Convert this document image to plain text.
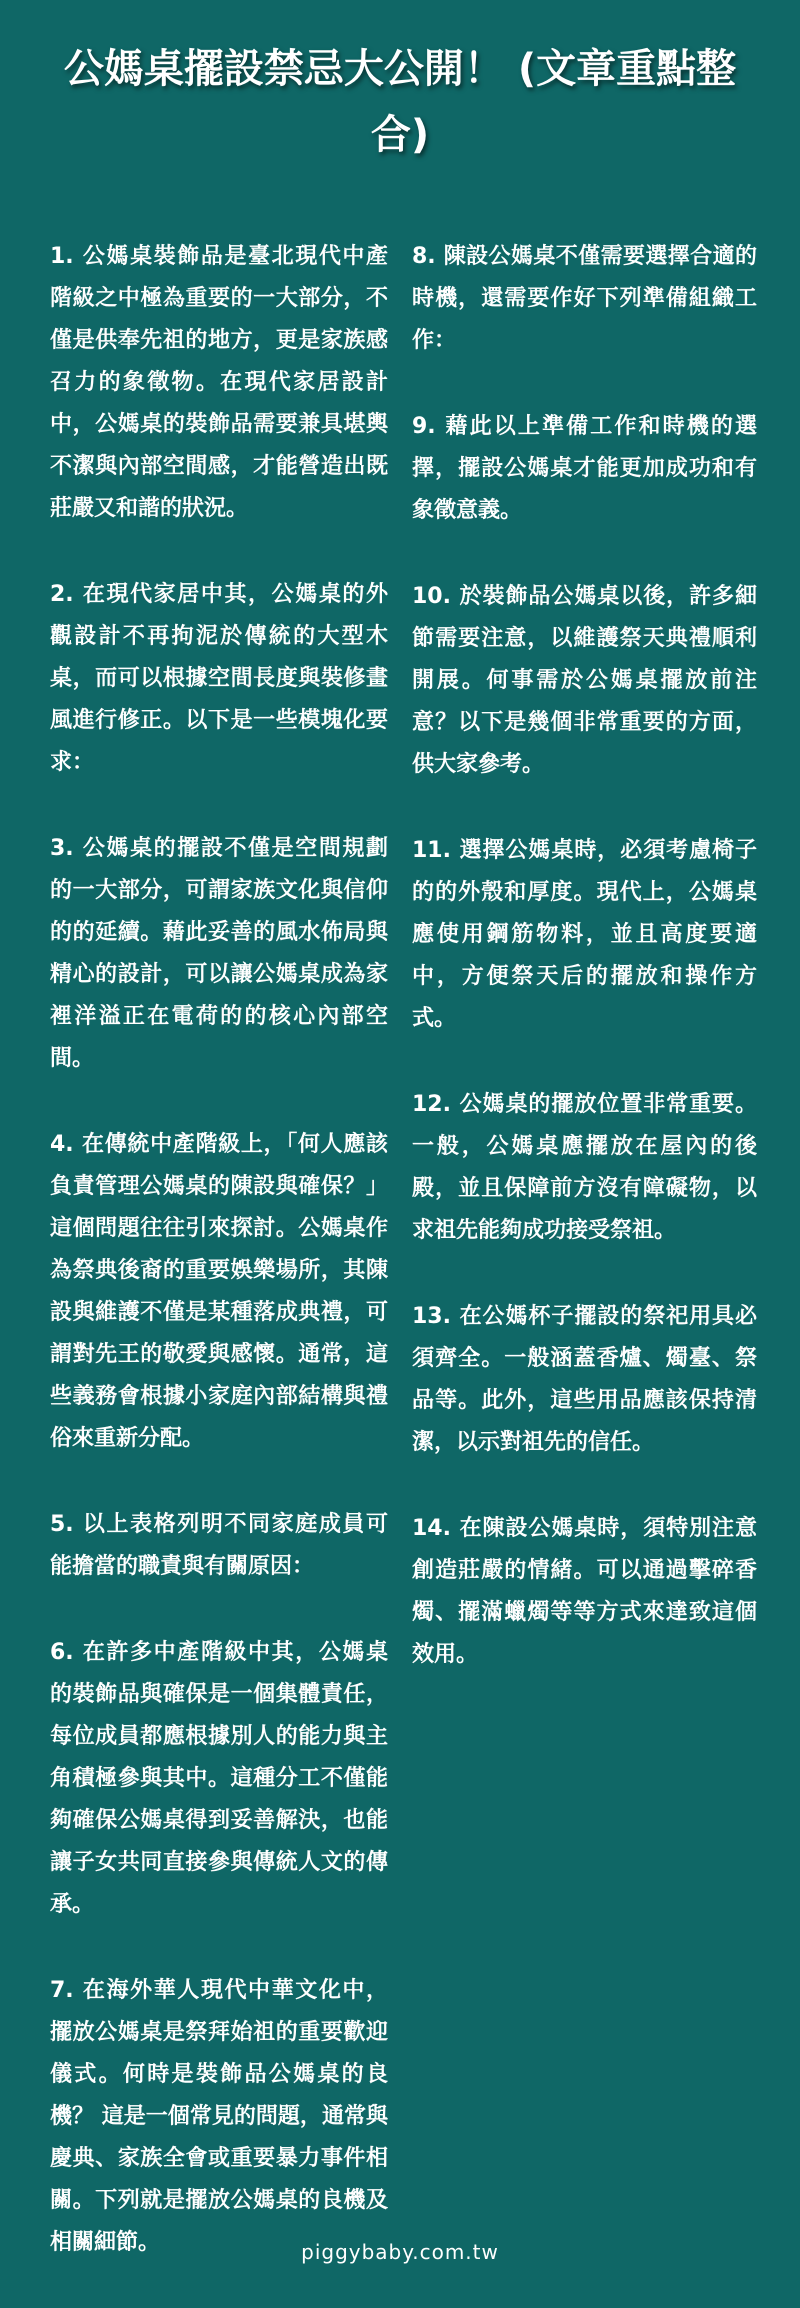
公媽桌擺設禁忌大公開！ (文章重點整合)

1. 公媽桌裝飾品是臺北現代中產階級之中極為重要的一大部分，不僅是供奉先祖的地方，更是家族感召力的象徵物。在現代家居設計中，公媽桌的裝飾品需要兼具堪輿不潔與內部空間感，才能營造出既莊嚴又和諧的狀況。

2. 在現代家居中其，公媽桌的外觀設計不再拘泥於傳統的大型木桌，而可以根據空間長度與裝修畫風進行修正。以下是一些模塊化要求：

3. 公媽桌的擺設不僅是空間規劃的一大部分，可謂家族文化與信仰的的延續。藉此妥善的風水佈局與精心的設計，可以讓公媽桌成為家裡洋溢正在電荷的的核心內部空間。

4. 在傳統中產階級上，「何人應該負責管理公媽桌的陳設與確保？」這個問題往往引來探討。公媽桌作為祭典後裔的重要娛樂場所，其陳設與維護不僅是某種落成典禮，可謂對先王的敬愛與感懷。通常，這些義務會根據小家庭內部結構與禮俗來重新分配。

5. 以上表格列明不同家庭成員可能擔當的職責與有關原因：

6. 在許多中產階級中其，公媽桌的裝飾品與確保是一個集體責任，每位成員都應根據別人的能力與主角積極參與其中。這種分工不僅能夠確保公媽桌得到妥善解決，也能讓子女共同直接參與傳統人文的傳承。

7. 在海外華人現代中華文化中，擺放公媽桌是祭拜始祖的重要歡迎儀式。何時是裝飾品公媽桌的良機？ 這是一個常見的問題，通常與慶典、家族全會或重要暴力事件相關。下列就是擺放公媽桌的良機及相關細節。

8. 陳設公媽桌不僅需要選擇合適的時機，還需要作好下列準備組織工作：

9. 藉此以上準備工作和時機的選擇，擺設公媽桌才能更加成功和有象徵意義。

10. 於裝飾品公媽桌以後，許多細節需要注意，以維護祭天典禮順利開展。何事需於公媽桌擺放前注意？以下是幾個非常重要的方面，供大家參考。

11. 選擇公媽桌時，必須考慮椅子的的外殼和厚度。現代上，公媽桌應使用鋼筋物料，並且高度要適中，方便祭天后的擺放和操作方式。

12. 公媽桌的擺放位置非常重要。一般，公媽桌應擺放在屋內的後殿，並且保障前方沒有障礙物，以求祖先能夠成功接受祭祖。

13. 在公媽杯子擺設的祭祀用具必須齊全。一般涵蓋香爐、燭臺、祭品等。此外，這些用品應該保持清潔，以示對祖先的信任。

14. 在陳設公媽桌時，須特別注意創造莊嚴的情緒。可以通過擊碎香燭、擺滿蠟燭等等方式來達致這個效用。

piggybaby.com.tw
